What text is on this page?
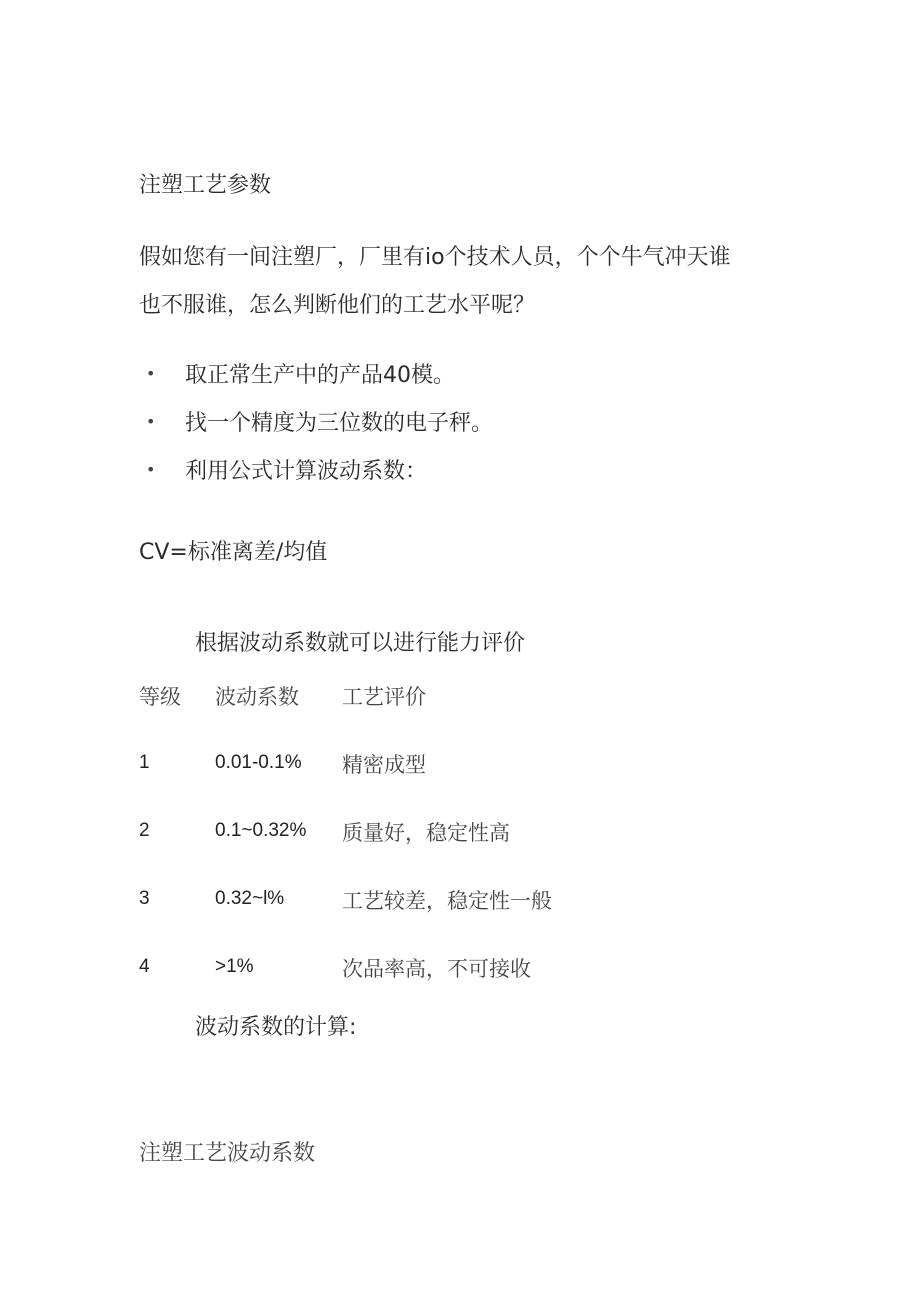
注塑工艺参数
假如您有一间注塑厂，厂里有io个技术人员，个个牛气冲天谁
也不服谁，怎么判断他们的工艺水平呢？
• 取正常生产中的产品40模。
• 找一个精度为三位数的电子秤。
• 利用公式计算波动系数：
CV=标准离差/均值
根据波动系数就可以进行能力评价
等级 波动系数 工艺评价
1	0.01-0.1% 精密成型
2	0.1~0.32% 质量好，稳定性高
3	0.32~l%	工艺较差，稳定性一般
4	>1%	次品率高，不可接收
波动系数的计算:
注塑工艺波动系数
